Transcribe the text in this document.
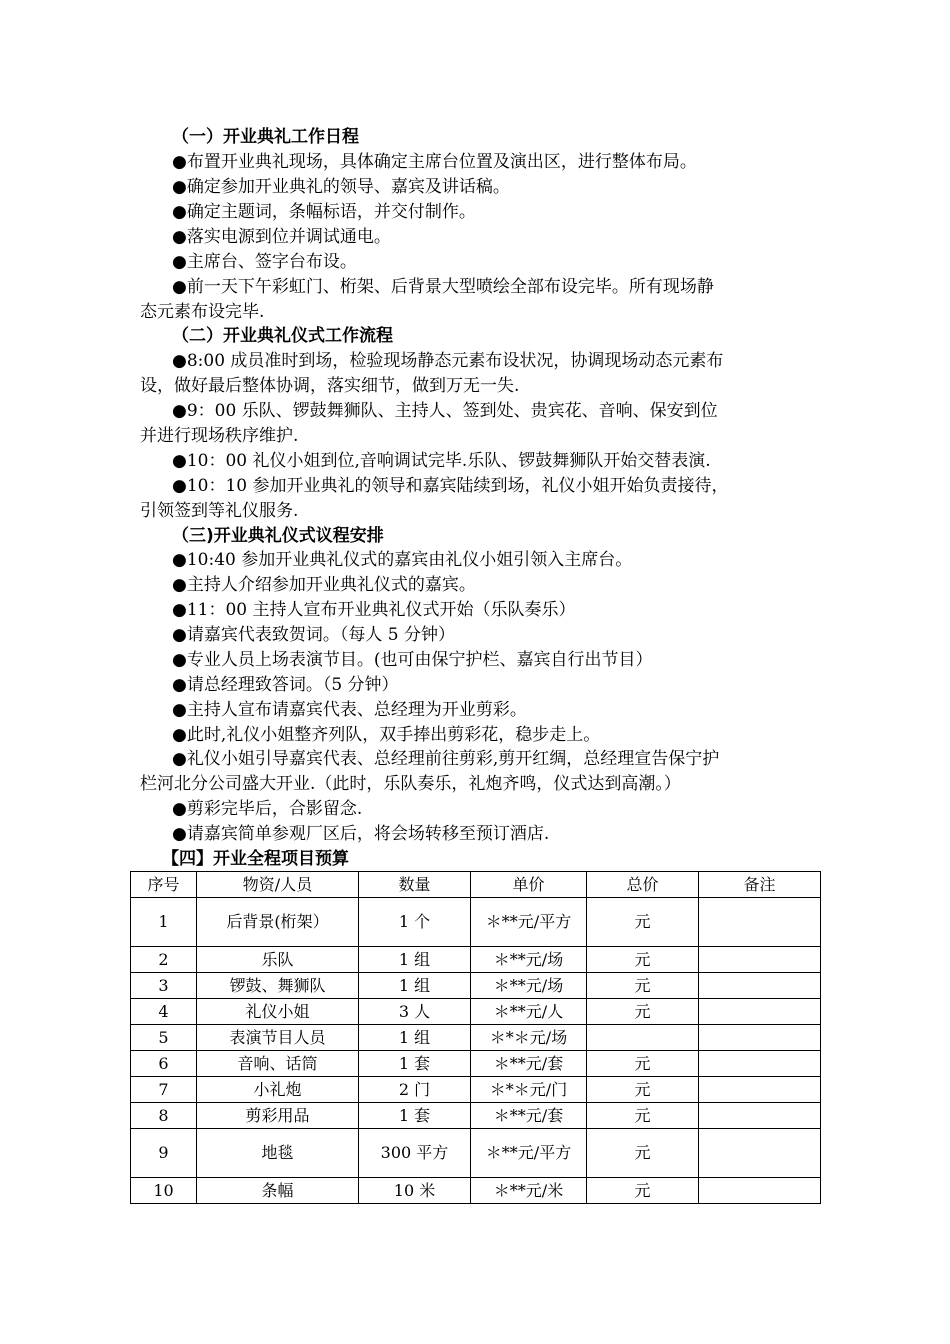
（一）开业典礼工作日程
●布置开业典礼现场，具体确定主席台位置及演出区，进行整体布局。
●确定参加开业典礼的领导、嘉宾及讲话稿。
●确定主题词，条幅标语，并交付制作。
●落实电源到位并调试通电。
●主席台、签字台布设。
●前一天下午彩虹门、桁架、后背景大型喷绘全部布设完毕。所有现场静
态元素布设完毕.
（二）开业典礼仪式工作流程
●8:00 成员准时到场，检验现场静态元素布设状况，协调现场动态元素布
设，做好最后整体协调，落实细节，做到万无一失.
●9：00 乐队、锣鼓舞狮队、主持人、签到处、贵宾花、音响、保安到位
并进行现场秩序维护.
●10：00 礼仪小姐到位,音响调试完毕.乐队、锣鼓舞狮队开始交替表演.
●10：10 参加开业典礼的领导和嘉宾陆续到场，礼仪小姐开始负责接待，
引领签到等礼仪服务.
（三)开业典礼仪式议程安排
●10:40 参加开业典礼仪式的嘉宾由礼仪小姐引领入主席台。
●主持人介绍参加开业典礼仪式的嘉宾。
●11：00 主持人宣布开业典礼仪式开始（乐队奏乐）
●请嘉宾代表致贺词。（每人 5 分钟）
●专业人员上场表演节目。(也可由保宁护栏、嘉宾自行出节目）
●请总经理致答词。（5 分钟）
●主持人宣布请嘉宾代表、总经理为开业剪彩。
●此时,礼仪小姐整齐列队，双手捧出剪彩花，稳步走上。
●礼仪小姐引导嘉宾代表、总经理前往剪彩,剪开红绸，总经理宣告保宁护
栏河北分公司盛大开业.（此时，乐队奏乐，礼炮齐鸣，仪式达到高潮。）
●剪彩完毕后，合影留念.
●请嘉宾简单参观厂区后，将会场转移至预订酒店.
【四】开业全程项目预算
序号	物资/人员	数量	单价	总价	备注
1	后背景(桁架）	1 个	＊**元/平方	元	
2	乐队	1 组	＊**元/场	元	
3	锣鼓、舞狮队	1 组	＊**元/场	元	
4	礼仪小姐	3 人	＊**元/人	元	
5	表演节目人员	1 组	＊*＊元/场		
6	音响、话筒	1 套	＊**元/套	元	
7	小礼炮	2 门	＊*＊元/门	元	
8	剪彩用品	1 套	＊**元/套	元	
9	地毯	300 平方	＊**元/平方	元	
10	条幅	10 米	＊**元/米	元	
